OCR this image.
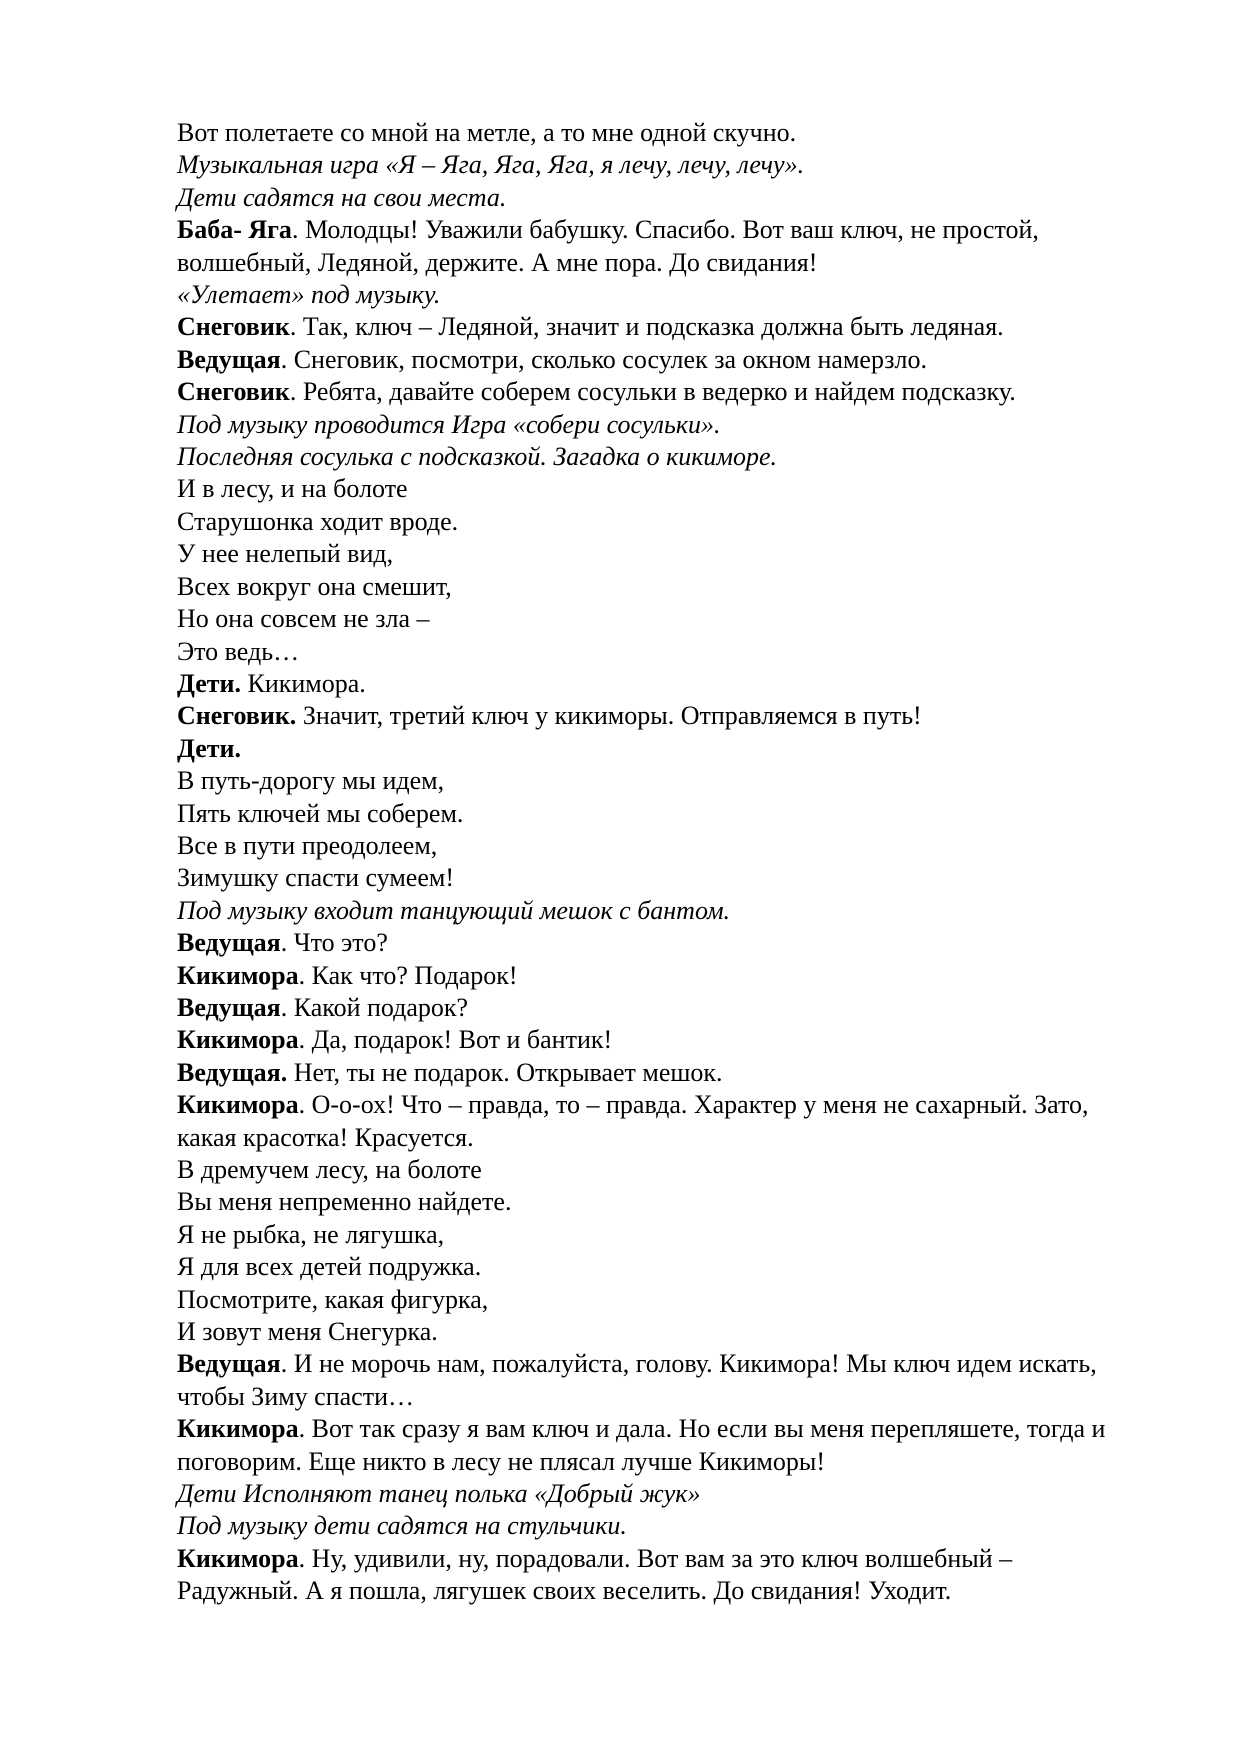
Вот полетаете со мной на метле, а то мне одной скучно.

Музыкальная игра «Я – Яга, Яга, Яга, я лечу, лечу, лечу».

Дети садятся на свои места.

Баба- Яга. Молодцы! Уважили бабушку. Спасибо. Вот ваш ключ, не простой, волшебный, Ледяной, держите. А мне пора. До свидания!

«Улетает» под музыку.

Снеговик. Так, ключ – Ледяной, значит и подсказка должна быть ледяная.

Ведущая. Снеговик, посмотри, сколько сосулек за окном намерзло.

Снеговик. Ребята, давайте соберем сосульки в ведерко и найдем подсказку.

Под музыку проводится Игра «собери сосульки».

Последняя сосулька с подсказкой. Загадка о кикиморе.

И в лесу, и на болоте

Старушонка ходит вроде.

У нее нелепый вид,

Всех вокруг она смешит,

Но она совсем не зла –

Это ведь…

Дети. Кикимора.

Снеговик. Значит, третий ключ у кикиморы. Отправляемся в путь!

Дети.

В путь-дорогу мы идем,

Пять ключей мы соберем.

Все в пути преодолеем,

Зимушку спасти сумеем!

Под музыку входит танцующий мешок с бантом.

Ведущая. Что это?

Кикимора. Как что? Подарок!

Ведущая. Какой подарок?

Кикимора. Да, подарок! Вот и бантик!

Ведущая. Нет, ты не подарок. Открывает мешок.

Кикимора. О-о-ох! Что – правда, то – правда. Характер у меня не сахарный. Зато, какая красотка! Красуется.

В дремучем лесу, на болоте

Вы меня непременно найдете.

Я не рыбка, не лягушка,

Я для всех детей подружка.

Посмотрите, какая фигурка,

И зовут меня Снегурка.

Ведущая. И не морочь нам, пожалуйста, голову. Кикимора! Мы ключ идем искать, чтобы Зиму спасти…

Кикимора. Вот так сразу я вам ключ и дала. Но если вы меня перепляшете, тогда и поговорим. Еще никто в лесу не плясал лучше Кикиморы!

Дети Исполняют танец полька «Добрый жук»

Под музыку дети садятся на стульчики.

Кикимора. Ну, удивили, ну, порадовали. Вот вам за это ключ волшебный – Радужный. А я пошла, лягушек своих веселить. До свидания! Уходит.
